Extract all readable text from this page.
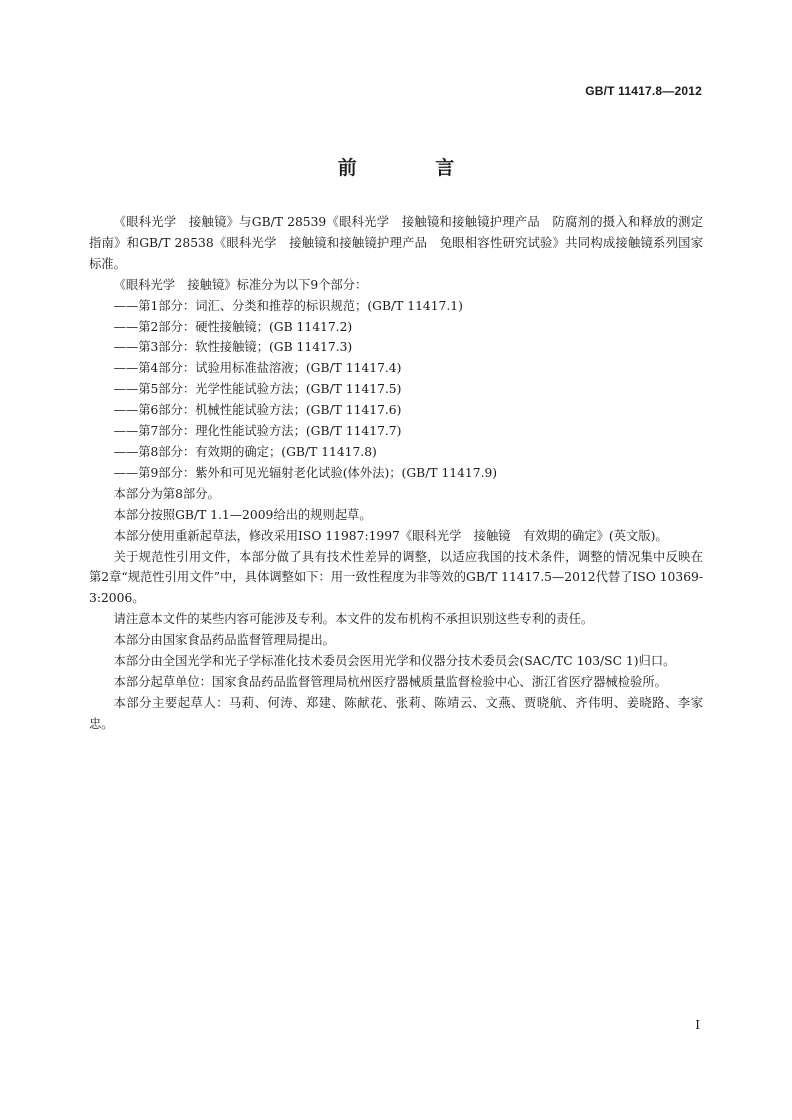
GB/T 11417.8—2012
前 言

《眼科光学　接触镜》与GB/T 28539《眼科光学　接触镜和接触镜护理产品　防腐剂的摄入和释放的测定指南》和GB/T 28538《眼科光学　接触镜和接触镜护理产品　兔眼相容性研究试验》共同构成接触镜系列国家标准。

《眼科光学　接触镜》标准分为以下9个部分：

——第1部分：词汇、分类和推荐的标识规范；(GB/T 11417.1)

——第2部分：硬性接触镜；(GB 11417.2)

——第3部分：软性接触镜；(GB 11417.3)

——第4部分：试验用标准盐溶液；(GB/T 11417.4)

——第5部分：光学性能试验方法；(GB/T 11417.5)

——第6部分：机械性能试验方法；(GB/T 11417.6)

——第7部分：理化性能试验方法；(GB/T 11417.7)

——第8部分：有效期的确定；(GB/T 11417.8)

——第9部分：紫外和可见光辐射老化试验(体外法)；(GB/T 11417.9)

本部分为第8部分。

本部分按照GB/T 1.1—2009给出的规则起草。

本部分使用重新起草法，修改采用ISO 11987:1997《眼科光学　接触镜　有效期的确定》(英文版)。

关于规范性引用文件，本部分做了具有技术性差异的调整，以适应我国的技术条件，调整的情况集中反映在第2章“规范性引用文件”中，具体调整如下：用一致性程度为非等效的GB/T 11417.5—2012代替了ISO 10369-3:2006。

请注意本文件的某些内容可能涉及专利。本文件的发布机构不承担识别这些专利的责任。

本部分由国家食品药品监督管理局提出。

本部分由全国光学和光子学标准化技术委员会医用光学和仪器分技术委员会(SAC/TC 103/SC 1)归口。

本部分起草单位：国家食品药品监督管理局杭州医疗器械质量监督检验中心、浙江省医疗器械检验所。

本部分主要起草人：马莉、何涛、郑建、陈献花、张莉、陈靖云、文燕、贾晓航、齐伟明、姜晓路、李家忠。

I
